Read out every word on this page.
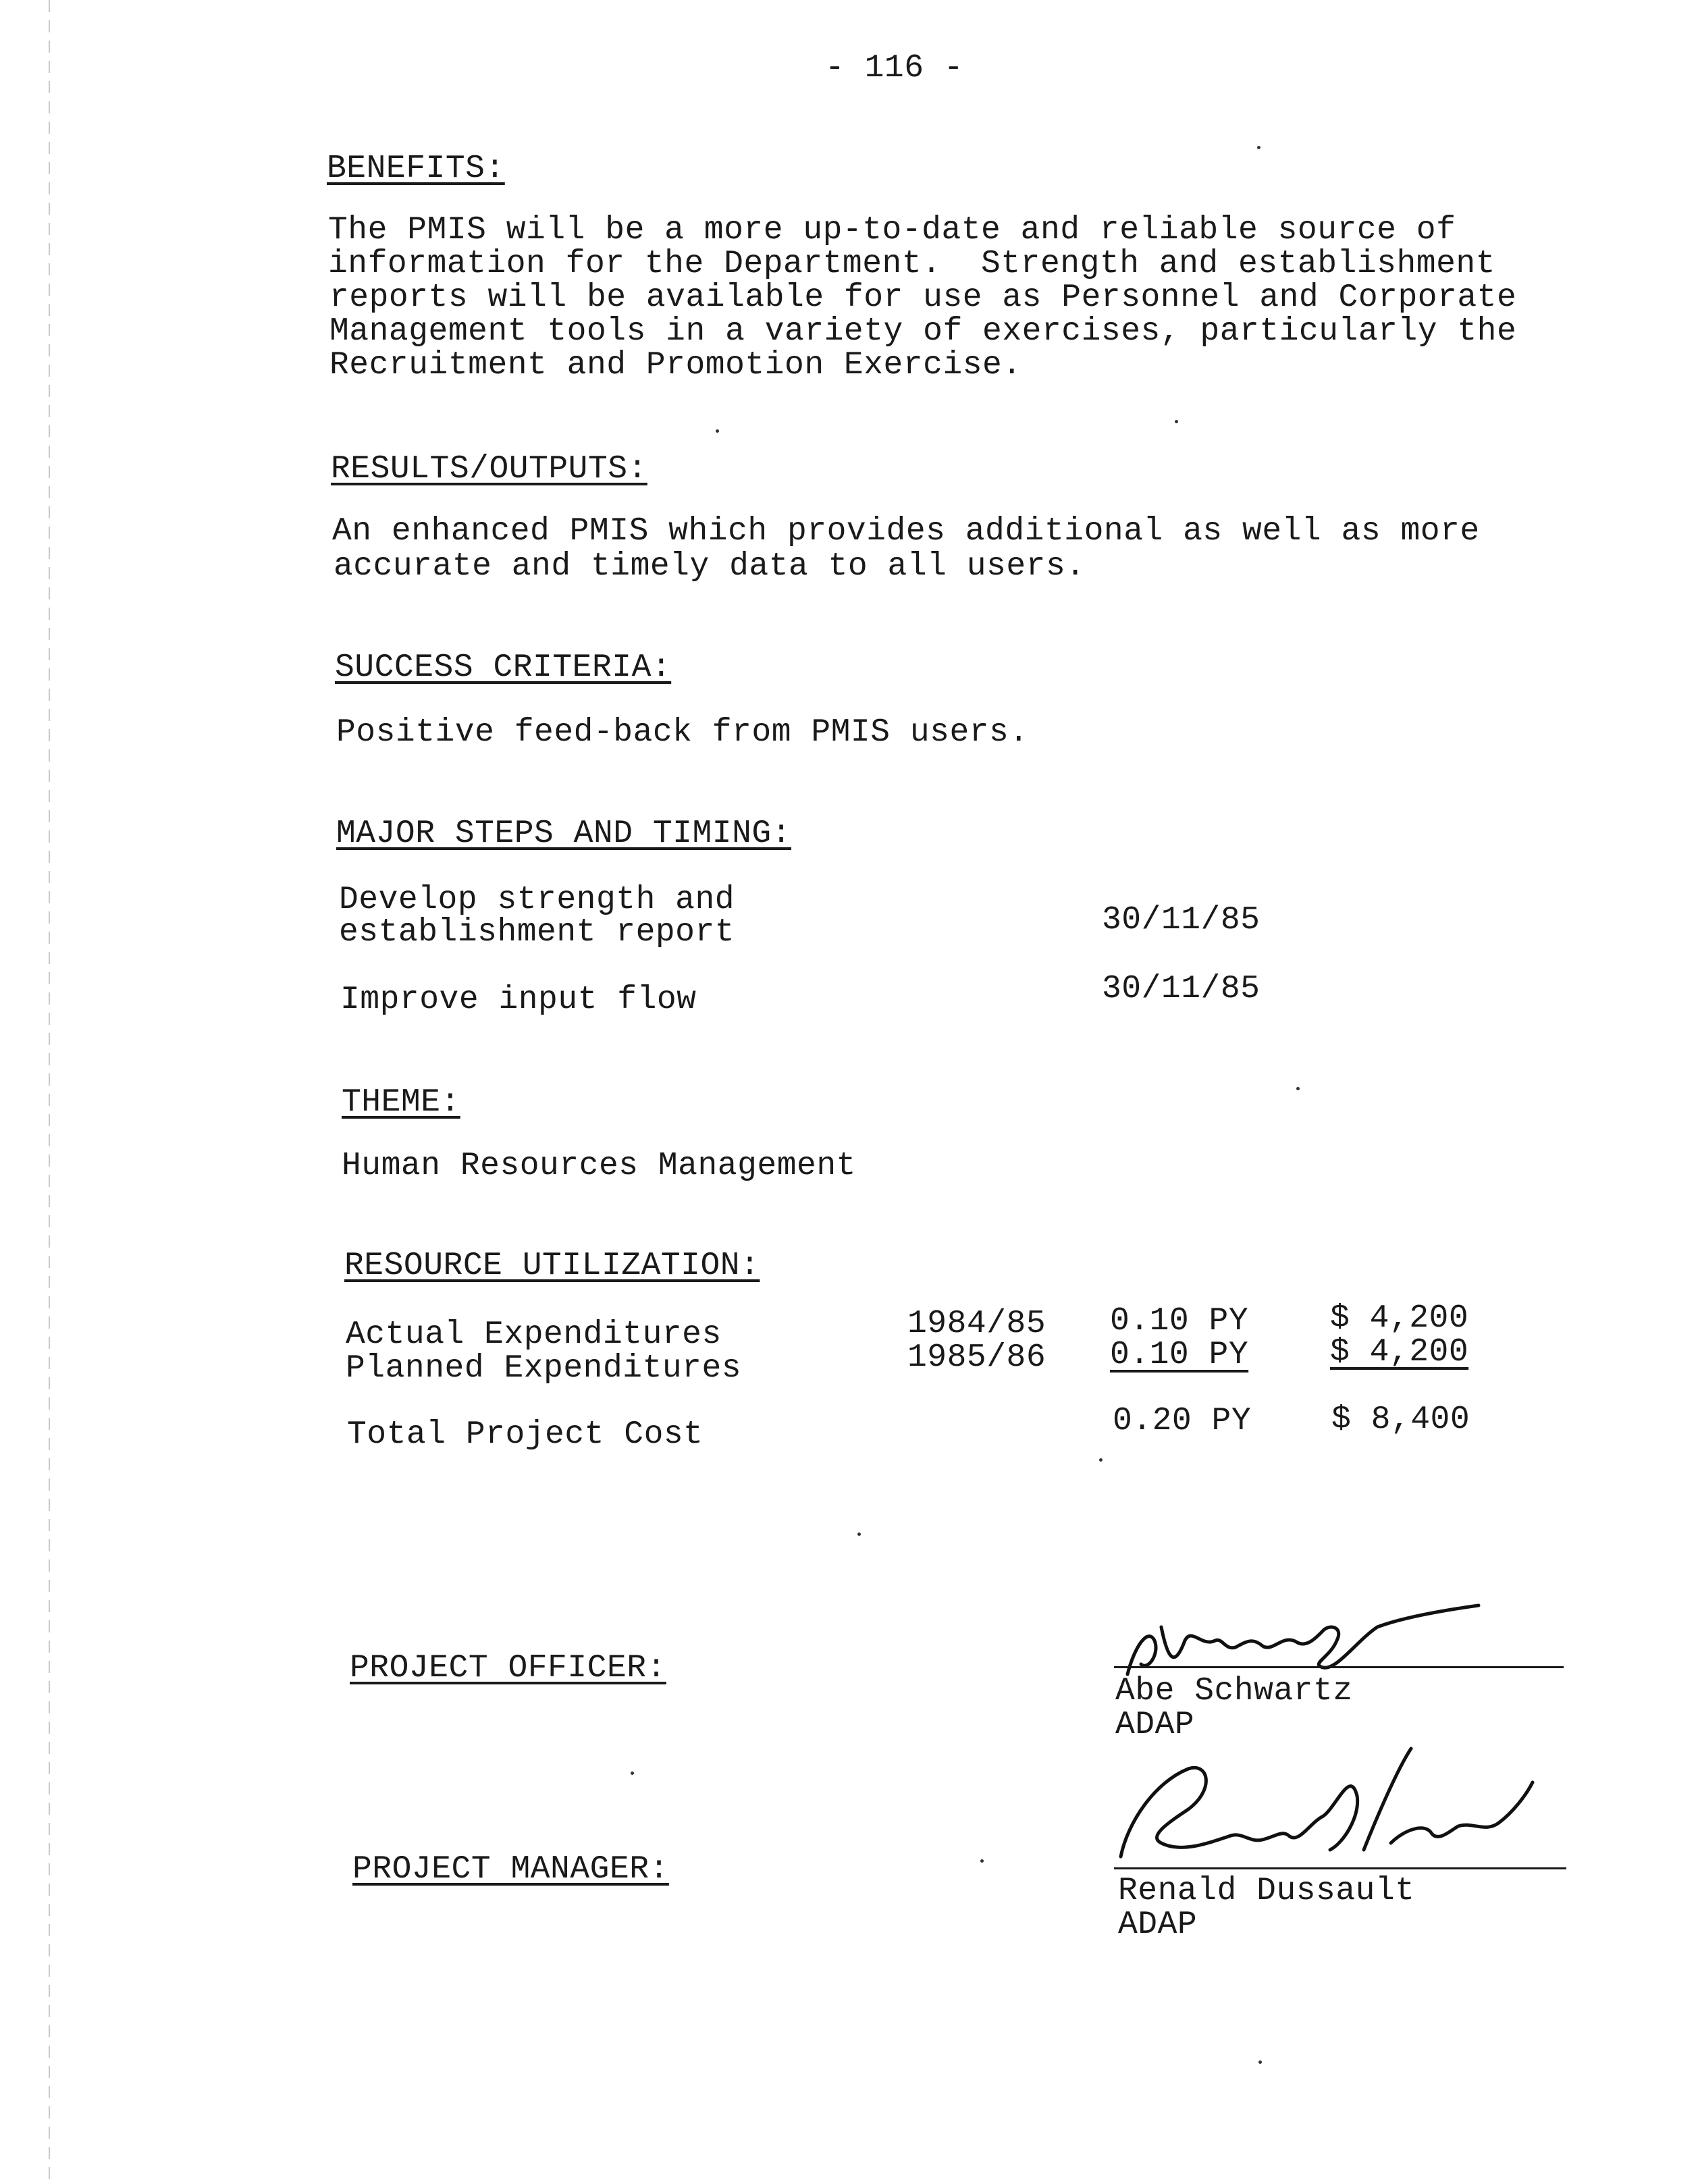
- 116 -
BENEFITS:
The PMIS will be a more up-to-date and reliable source of
information for the Department.  Strength and establishment
reports will be available for use as Personnel and Corporate
Management tools in a variety of exercises, particularly the
Recruitment and Promotion Exercise.
RESULTS/OUTPUTS:
An enhanced PMIS which provides additional as well as more
accurate and timely data to all users.
SUCCESS CRITERIA:
Positive feed-back from PMIS users.
MAJOR STEPS AND TIMING:
Develop strength and
establishment report	30/11/85
Improve input flow	30/11/85
THEME:
Human Resources Management
RESOURCE UTILIZATION:
Actual Expenditures	1984/85 0.10 PY	$ 4,200
Planned Expenditures	1985/86 0.10 PY	$ 4,200
Total Project Cost	0.20 PY $ 8,400
PROJECT OFFICER:
Abe Schwartz
ADAP
PROJECT MANAGER:
Renald Dussault
ADAP
